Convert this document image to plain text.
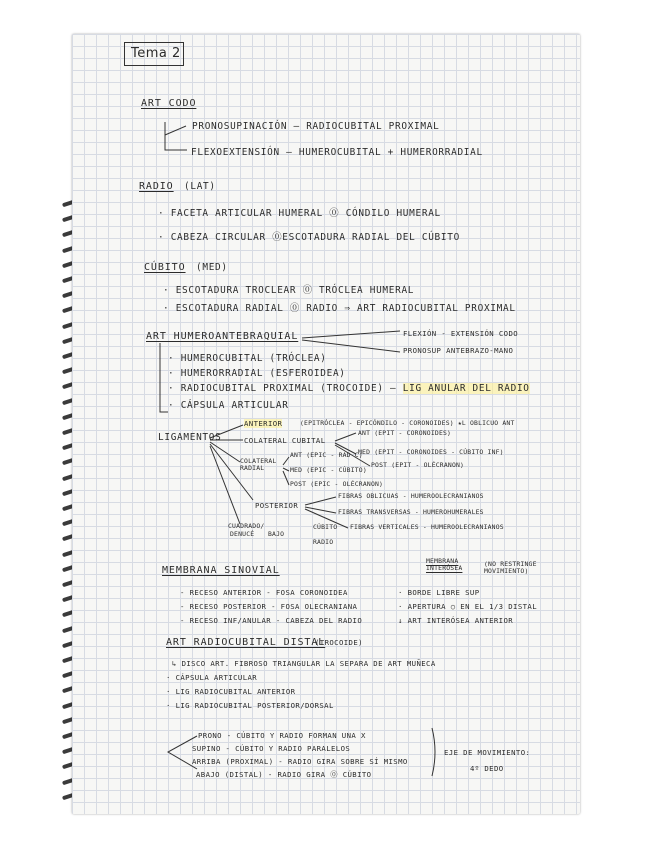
Tema 2
ART CODO
PRONOSUPINACIÓN — RADIOCUBITAL PROXIMAL
FLEXOEXTENSIÓN — HUMEROCUBITAL + HUMERORRADIAL
RADIO (LAT)
· FACETA ARTICULAR HUMERAL ⓪ CÓNDILO HUMERAL
· CABEZA CIRCULAR ⓪ESCOTADURA RADIAL DEL CÚBITO
CÚBITO (MED)
· ESCOTADURA TROCLEAR ⓪ TRÓCLEA HUMERAL
· ESCOTADURA RADIAL ⓪ RADIO ⇒ ART RADIOCUBITAL PROXIMAL
ART HUMEROANTEBRAQUIAL	FLEXIÓN - EXTENSIÓN CODO
PRONOSUP ANTEBRAZO-MANO
· HUMEROCUBITAL (TRÓCLEA)
· HUMERORRADIAL (ESFEROIDEA)
· RADIOCUBITAL PROXIMAL (TROCOIDE) — LIG ANULAR DEL RADIO
· CÁPSULA ARTICULAR
LIGAMENTOS
ANTERIOR	(EPITRÓCLEA - EPICÓNDILO - CORONOIDES) ★L OBLICUO ANT
COLATERAL CUBITAL
ANT (EPIT - CORONOIDES)
MED (EPIT - CORONOIDES - CÚBITO INF)
POST (EPIT - OLÉCRANON)
COLATERAL RADIAL
ANT (EPIC - RAD C)
MED (EPIC - CÚBITO)
POST (EPIC - OLÉCRANON)
POSTERIOR
FIBRAS OBLICUAS - HUMEROOLECRANIANOS
FIBRAS TRANSVERSAS - HUMEROHUMERALES
FIBRAS VERTICALES - HUMEROOLECRANIANOS
CUADRADO/
DENUCÉ BAJO
CÚBITO
RADIO
MEMBRANA SINOVIAL
- RECESO ANTERIOR - FOSA CORONOIDEA
- RECESO POSTERIOR - FOSA OLECRANIANA
- RECESO INF/ANULAR - CABEZA DEL RADIO
MEMBRANA INTERÓSEA	(NO RESTRINGE MOVIMIENTO)
· BORDE LIBRE SUP
· APERTURA ○ EN EL 1/3 DISTAL
↓ ART INTERÓSEA ANTERIOR
ART RADIOCUBITAL DISTAL
(TROCOIDE)
↳ DISCO ART. FIBROSO TRIANGULAR LA SEPARA DE ART MUÑECA
· CÁPSULA ARTICULAR
· LIG RADIOCUBITAL ANTERIOR
· LIG RADIOCUBITAL POSTERIOR/DORSAL
PRONO - CÚBITO Y RADIO FORMAN UNA X
SUPINO - CÚBITO Y RADIO PARALELOS
ARRIBA (PROXIMAL) - RADIO GIRA SOBRE SÍ MISMO
ABAJO (DISTAL) - RADIO GIRA ⓪ CÚBITO
EJE DE MOVIMIENTO:
4º DEDO
